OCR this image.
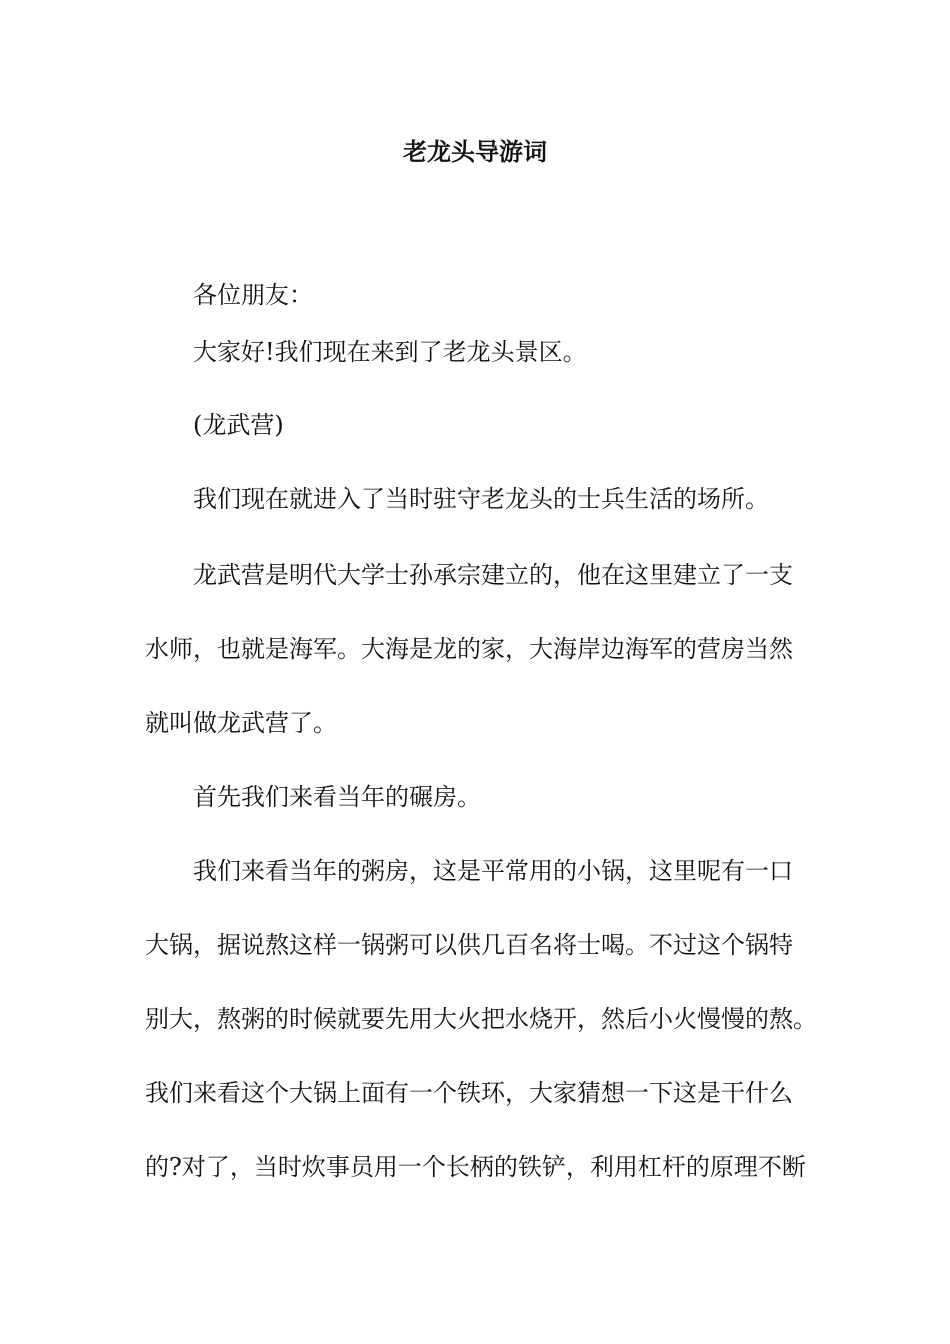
老龙头导游词

各位朋友：

大家好!我们现在来到了老龙头景区。

(龙武营)

我们现在就进入了当时驻守老龙头的士兵生活的场所。

龙武营是明代大学士孙承宗建立的，他在这里建立了一支
水师，也就是海军。大海是龙的家，大海岸边海军的营房当然
就叫做龙武营了。

首先我们来看当年的碾房。

我们来看当年的粥房，这是平常用的小锅，这里呢有一口
大锅，据说熬这样一锅粥可以供几百名将士喝。不过这个锅特
别大，熬粥的时候就要先用大火把水烧开，然后小火慢慢的熬。
我们来看这个大锅上面有一个铁环，大家猜想一下这是干什么
的?对了，当时炊事员用一个长柄的铁铲，利用杠杆的原理不断
